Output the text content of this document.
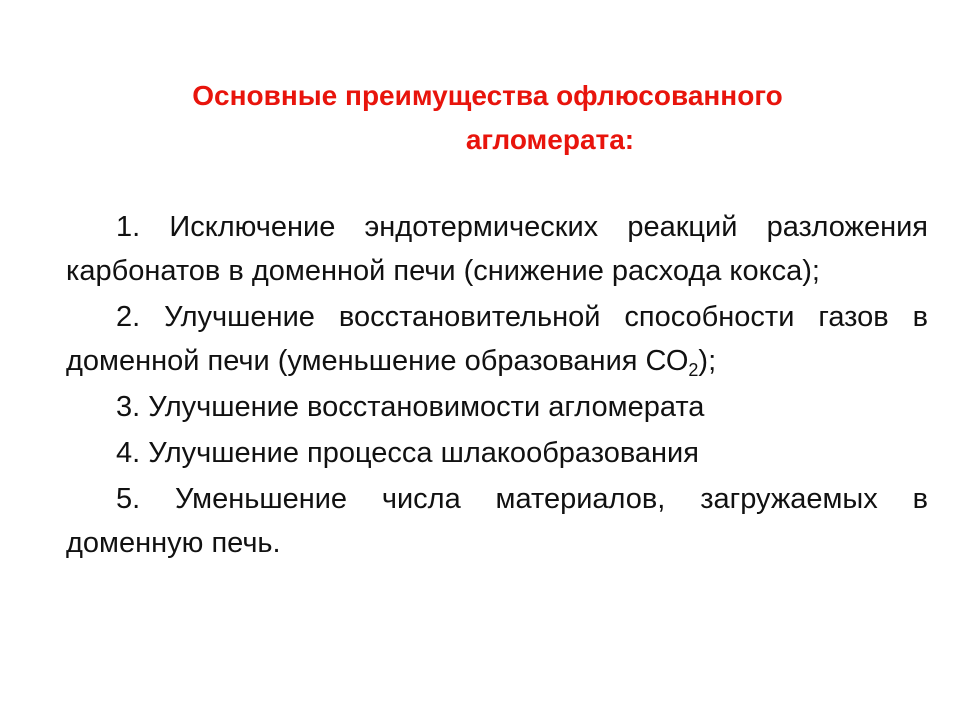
Основные преимущества офлюсованного
агломерата:

1. Исключение эндотермических реакций разложения карбонатов в доменной печи (снижение расхода кокса);

2. Улучшение восстановительной способности газов в доменной печи (уменьшение образования $СО_2$);

3. Улучшение восстановимости агломерата

4. Улучшение процесса шлакообразования

5. Уменьшение числа материалов, загружаемых в доменную печь.
